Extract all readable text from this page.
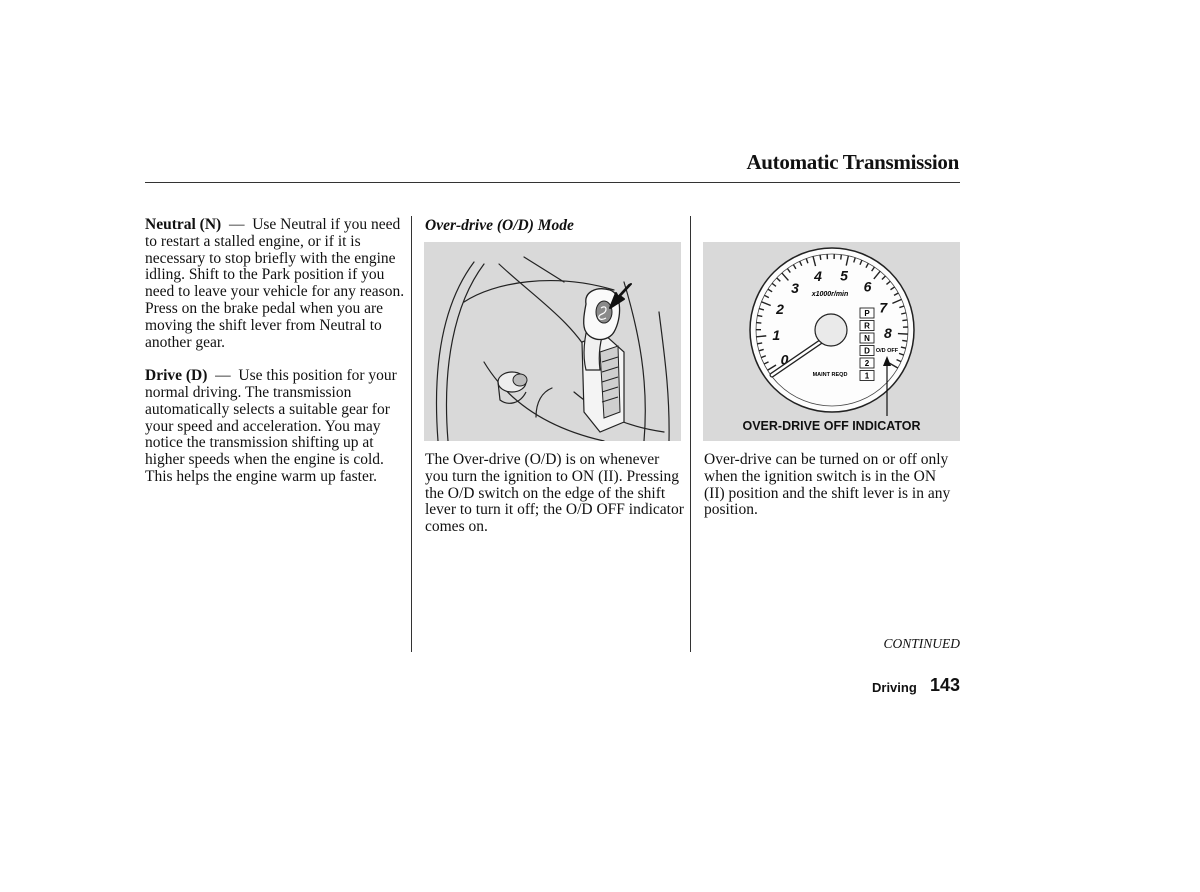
Automatic Transmission

Neutral (N) — Use Neutral if you need to restart a stalled engine, or if it is necessary to stop briefly with the engine idling. Shift to the Park position if you need to leave your vehicle for any reason. Press on the brake pedal when you are moving the shift lever from Neutral to another gear.

Drive (D) — Use this position for your normal driving. The transmission automatically selects a suitable gear for your speed and acceleration. You may notice the transmission shifting up at higher speeds when the engine is cold. This helps the engine warm up faster.

Over-drive (O/D) Mode
0
1
2
3
4 5
6
7
8
x1000r/min
MAINT REQD
P
R
N
D
2
1
O/D OFF
OVER-DRIVE OFF INDICATOR
The Over-drive (O/D) is on whenever you turn the ignition to ON (II). Pressing the O/D switch on the edge of the shift lever to turn it off; the O/D OFF indicator comes on.
Over-drive can be turned on or off only when the ignition switch is in the ON (II) position and the shift lever is in any position.
CONTINUED
Driving 143
